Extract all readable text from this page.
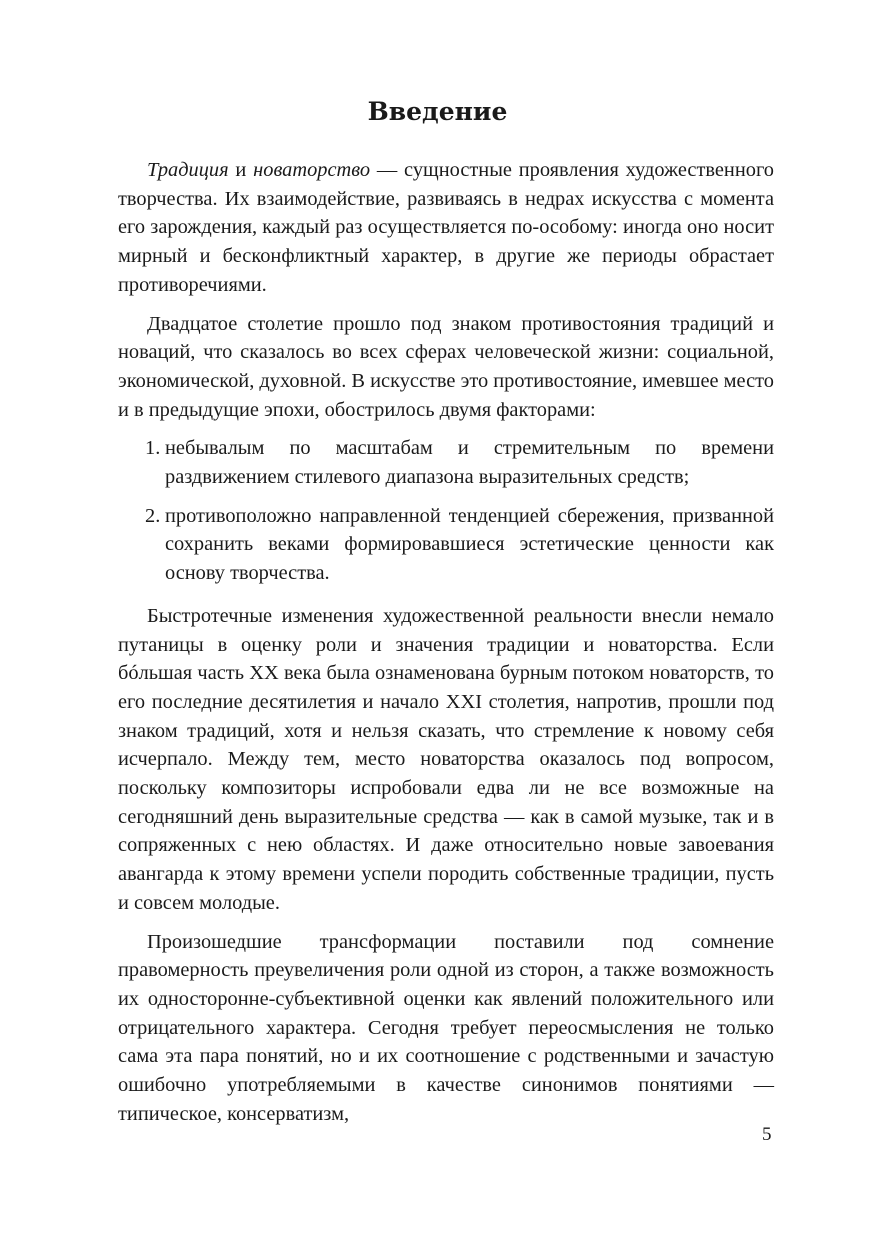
Введение

Традиция и новаторство — сущностные проявления художественного творчества. Их взаимодействие, развиваясь в недрах искусства с момента его зарождения, каждый раз осуществляется по-особому: иногда оно носит мирный и бесконфликтный характер, в другие же периоды обрастает противоречиями.

Двадцатое столетие прошло под знаком противостояния традиций и новаций, что сказалось во всех сферах человеческой жизни: социальной, экономической, духовной. В искусстве это противостояние, имевшее место и в предыдущие эпохи, обострилось двумя факторами:

1. небывалым по масштабам и стремительным по времени раздвижением стилевого диапазона выразительных средств;
2. противоположно направленной тенденцией сбережения, призванной сохранить веками формировавшиеся эстетические ценности как основу творчества.

Быстротечные изменения художественной реальности внесли немало путаницы в оценку роли и значения традиции и новаторства. Если бóльшая часть XX века была ознаменована бурным потоком новаторств, то его последние десятилетия и начало XXI столетия, напротив, прошли под знаком традиций, хотя и нельзя сказать, что стремление к новому себя исчерпало. Между тем, место новаторства оказалось под вопросом, поскольку композиторы испробовали едва ли не все возможные на сегодняшний день выразительные средства — как в самой музыке, так и в сопряженных с нею областях. И даже относительно новые завоевания авангарда к этому времени успели породить собственные традиции, пусть и совсем молодые.

Произошедшие трансформации поставили под сомнение правомерность преувеличения роли одной из сторон, а также возможность их односторонне-субъективной оценки как явлений положительного или отрицательного характера. Сегодня требует переосмысления не только сама эта пара понятий, но и их соотношение с родственными и зачастую ошибочно употребляемыми в качестве синонимов понятиями — типическое, консерватизм,

5
